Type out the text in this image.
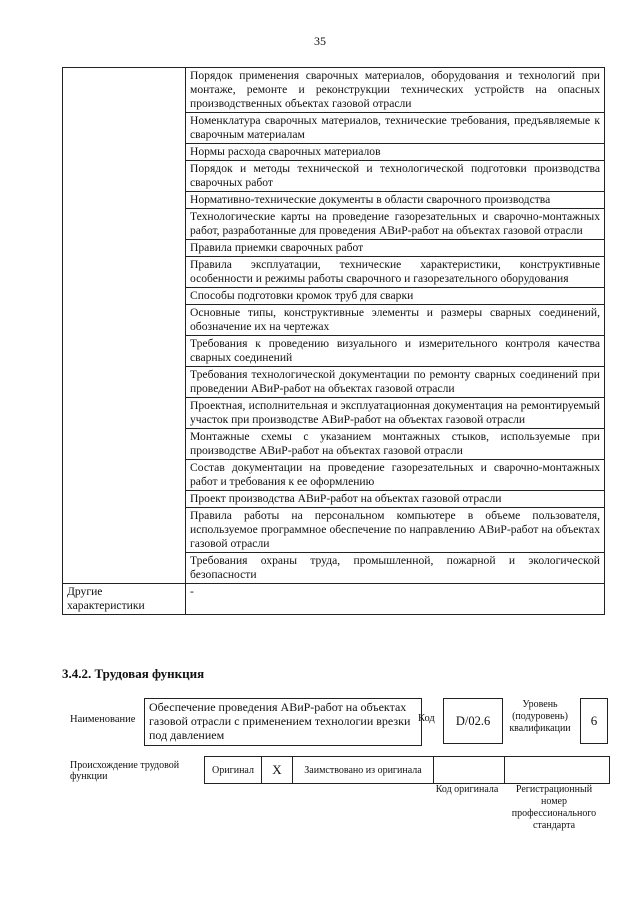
35
	Порядок применения сварочных материалов, оборудования и технологий при монтаже, ремонте и реконструкции технических устройств на опасных производственных объектах газовой отрасли
	Номенклатура сварочных материалов, технические требования, предъявляемые к сварочным материалам
	Нормы расхода сварочных материалов
	Порядок и методы технической и технологической подготовки производства сварочных работ
	Нормативно-технические документы в области сварочного производства
	Технологические карты на проведение газорезательных и сварочно-монтажных работ, разработанные для проведения АВиР-работ на объектах газовой отрасли
	Правила приемки сварочных работ
	Правила эксплуатации, технические характеристики, конструктивные особенности и режимы работы сварочного и газорезательного оборудования
	Способы подготовки кромок труб для сварки
	Основные типы, конструктивные элементы и размеры сварных соединений, обозначение их на чертежах
	Требования к проведению визуального и измерительного контроля качества сварных соединений
	Требования технологической документации по ремонту сварных соединений при проведении АВиР-работ на объектах газовой отрасли
	Проектная, исполнительная и эксплуатационная документация на ремонтируемый участок при производстве АВиР-работ на объектах газовой отрасли
	Монтажные схемы с указанием монтажных стыков, используемые при производстве АВиР-работ на объектах газовой отрасли
	Состав документации на проведение газорезательных и сварочно-монтажных работ и требования к ее оформлению
	Проект производства АВиР-работ на объектах газовой отрасли
	Правила работы на персональном компьютере в объеме пользователя, используемое программное обеспечение по направлению АВиР-работ на объектах газовой отрасли
	Требования охраны труда, промышленной, пожарной и экологической безопасности
Другие характеристики	-
3.4.2. Трудовая функция
Наименование
Обеспечение проведения АВиР-работ на объектах газовой отрасли с применением технологии врезки под давлением
Код	D/02.6
Уровень (подуровень) квалификации
6
Происхождение трудовой функции
Оригинал	X	Заимствовано из оригинала		
Код оригинала	Регистрационный номер профессионального стандарта
